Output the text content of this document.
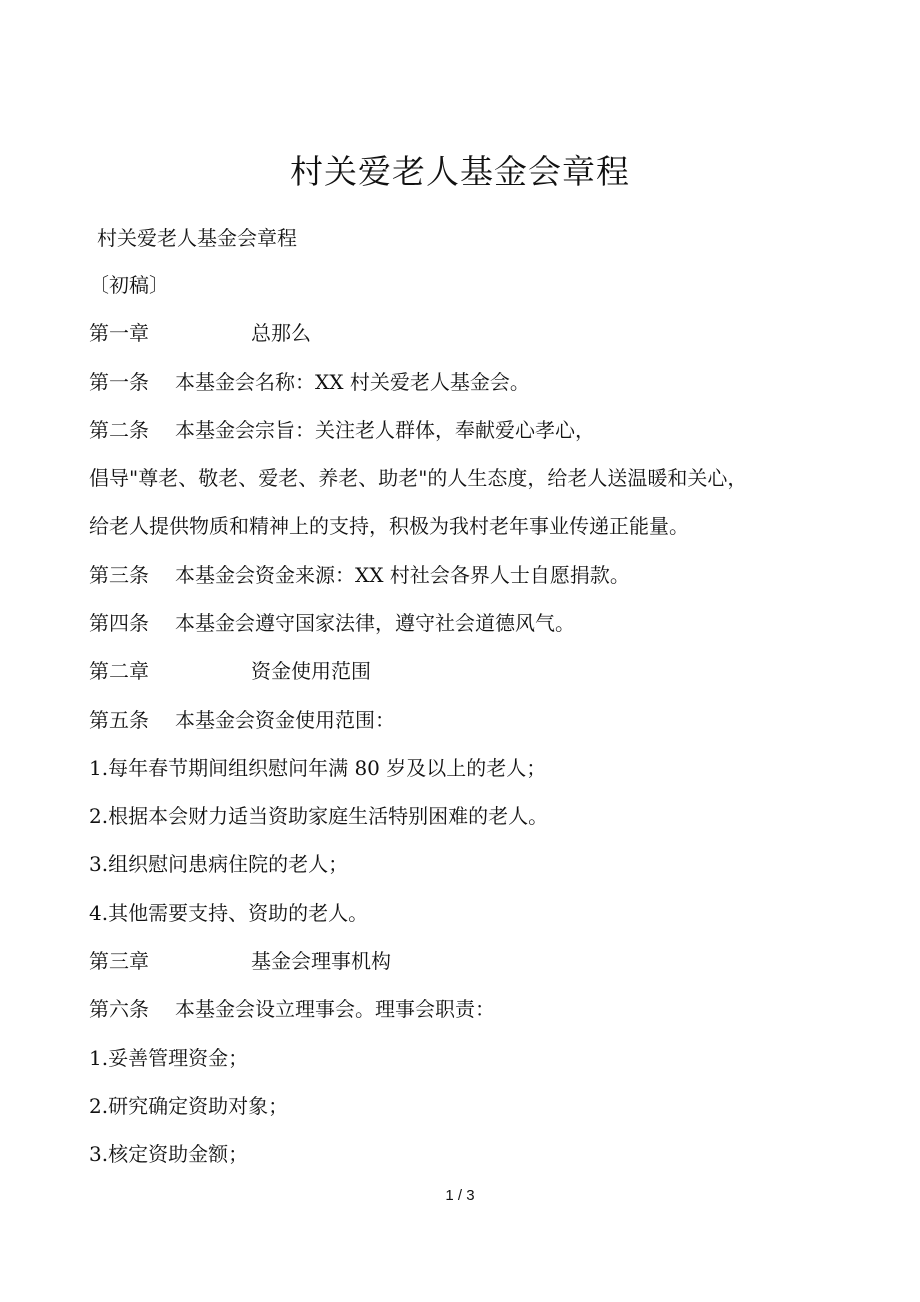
村关爱老人基金会章程
村关爱老人基金会章程
〔初稿〕
第一章	总那么
第一条 本基金会名称：XX 村关爱老人基金会。
第二条 本基金会宗旨：关注老人群体，奉献爱心孝心，
倡导"尊老、敬老、爱老、养老、助老"的人生态度，给老人送温暖和关心，
给老人提供物质和精神上的支持，积极为我村老年事业传递正能量。
第三条 本基金会资金来源：XX 村社会各界人士自愿捐款。
第四条 本基金会遵守国家法律，遵守社会道德风气。
第二章	资金使用范围
第五条 本基金会资金使用范围：
1.每年春节期间组织慰问年满 80 岁及以上的老人；
2.根据本会财力适当资助家庭生活特别困难的老人。
3.组织慰问患病住院的老人；
4.其他需要支持、资助的老人。
第三章	基金会理事机构
第六条 本基金会设立理事会。理事会职责：
1.妥善管理资金；
2.研究确定资助对象；
3.核定资助金额；
1 / 3
